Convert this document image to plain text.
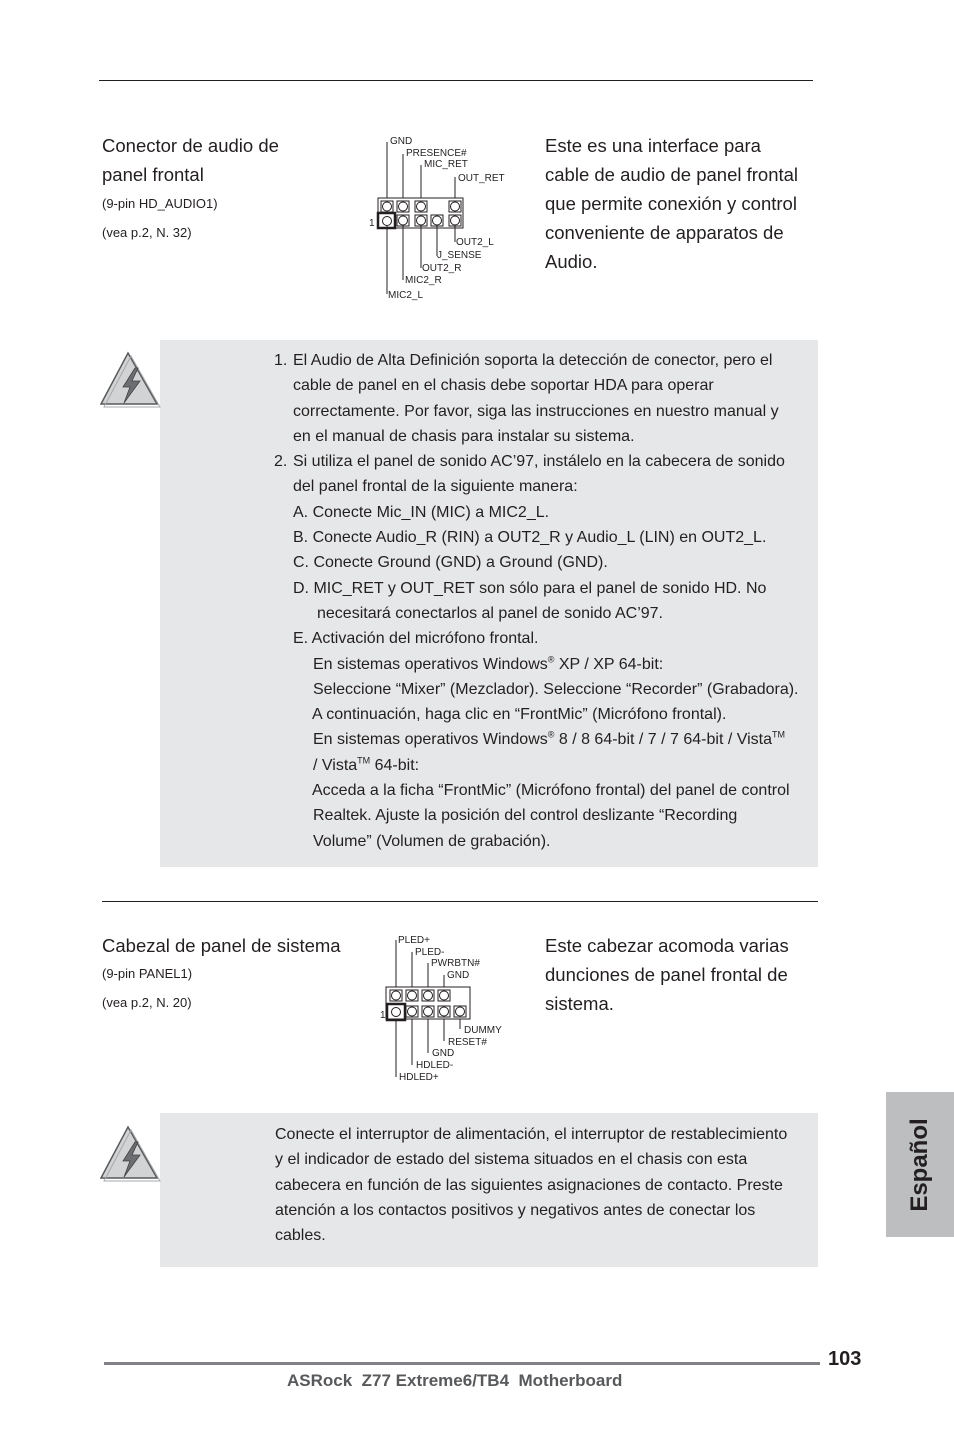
Conector de audio de
panel frontal
(9-pin HD_AUDIO1)
(vea p.2, N. 32)
GND
PRESENCE#
MIC_RET
OUT_RET
1
OUT2_L
J_SENSE
OUT2_R
MIC2_R
MIC2_L
Este es una interface para
cable de audio de panel frontal
que permite conexión y control
conveniente de apparatos de
Audio.
1. El Audio de Alta Definición soporta la detección de conector, pero el
cable de panel en el chasis debe soportar HDA para operar
correctamente. Por favor, siga las instrucciones en nuestro manual y
en el manual de chasis para instalar su sistema.
2. Si utiliza el panel de sonido AC’97, instálelo en la cabecera de sonido
del panel frontal de la siguiente manera:
A. Conecte Mic_IN (MIC) a MIC2_L.
B. Conecte Audio_R (RIN) a OUT2_R y Audio_L (LIN) en OUT2_L.
C. Conecte Ground (GND) a Ground (GND).
D. MIC_RET y OUT_RET son sólo para el panel de sonido HD. No
necesitará conectarlos al panel de sonido AC’97.
E. Activación del micrófono frontal.
En sistemas operativos Windows® XP / XP 64-bit:
Seleccione “Mixer” (Mezclador). Seleccione “Recorder” (Grabadora).
A continuación, haga clic en “FrontMic” (Micrófono frontal).
En sistemas operativos Windows® 8 / 8 64-bit / 7 / 7 64-bit / Vista™
/ Vista™ 64-bit:
Acceda a la ficha “FrontMic” (Micrófono frontal) del panel de control
Realtek. Ajuste la posición del control deslizante “Recording
Volume” (Volumen de grabación).
Cabezal de panel de sistema
(9-pin PANEL1)
(vea p.2, N. 20)
PLED+
PLED-
PWRBTN#
GND
1
DUMMY
RESET#
GND
HDLED-
HDLED+
Este cabezar acomoda varias
dunciones de panel frontal de
sistema.
Conecte el interruptor de alimentación, el interruptor de restablecimiento
y el indicador de estado del sistema situados en el chasis con esta
cabecera en función de las siguientes asignaciones de contacto. Preste
atención a los contactos positivos y negativos antes de conectar los
cables.
Español
103
ASRock  Z77 Extreme6/TB4  Motherboard
